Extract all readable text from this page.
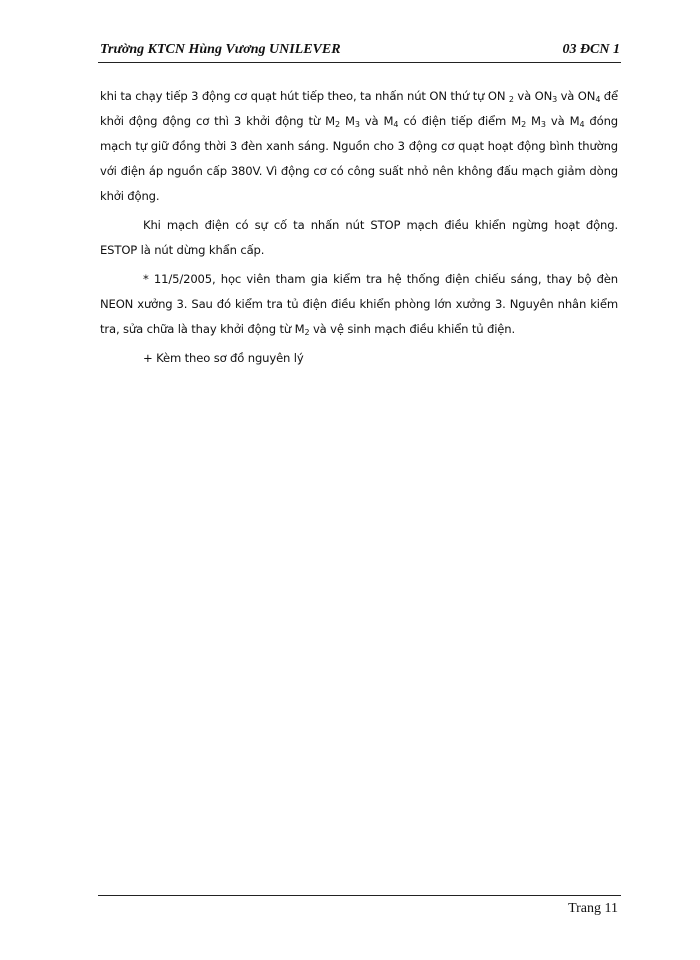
Trường KTCN Hùng Vương UNILEVER	03 ĐCN 1

khi ta chạy tiếp 3 động cơ quạt hút tiếp theo, ta nhấn nút ON thứ tự ON $_2$ và $ON_3$ và $ON_4$ để khởi động động cơ thì 3 khởi động từ $M_2$ $M_3$ và $M_4$ có điện tiếp điểm $M_2$ $M_3$ và $M_4$ đóng mạch tự giữ đồng thời 3 đèn xanh sáng. Nguồn cho 3 động cơ quạt hoạt động bình thường với điện áp nguồn cấp 380V. Vì động cơ có công suất nhỏ nên không đấu mạch giảm dòng khởi động.

Khi mạch điện có sự cố ta nhấn nút STOP mạch điều khiển ngừng hoạt động. ESTOP là nút dừng khẩn cấp.

* 11/5/2005, học viên tham gia kiểm tra hệ thống điện chiếu sáng, thay bộ đèn NEON xưởng 3. Sau đó kiểm tra tủ điện điều khiển phòng lớn xưởng 3. Nguyên nhân kiểm tra, sửa chữa là thay khởi động từ $M_2$ và vệ sinh mạch điều khiển tủ điện.

+ Kèm theo sơ đồ nguyên lý

Trang 11
